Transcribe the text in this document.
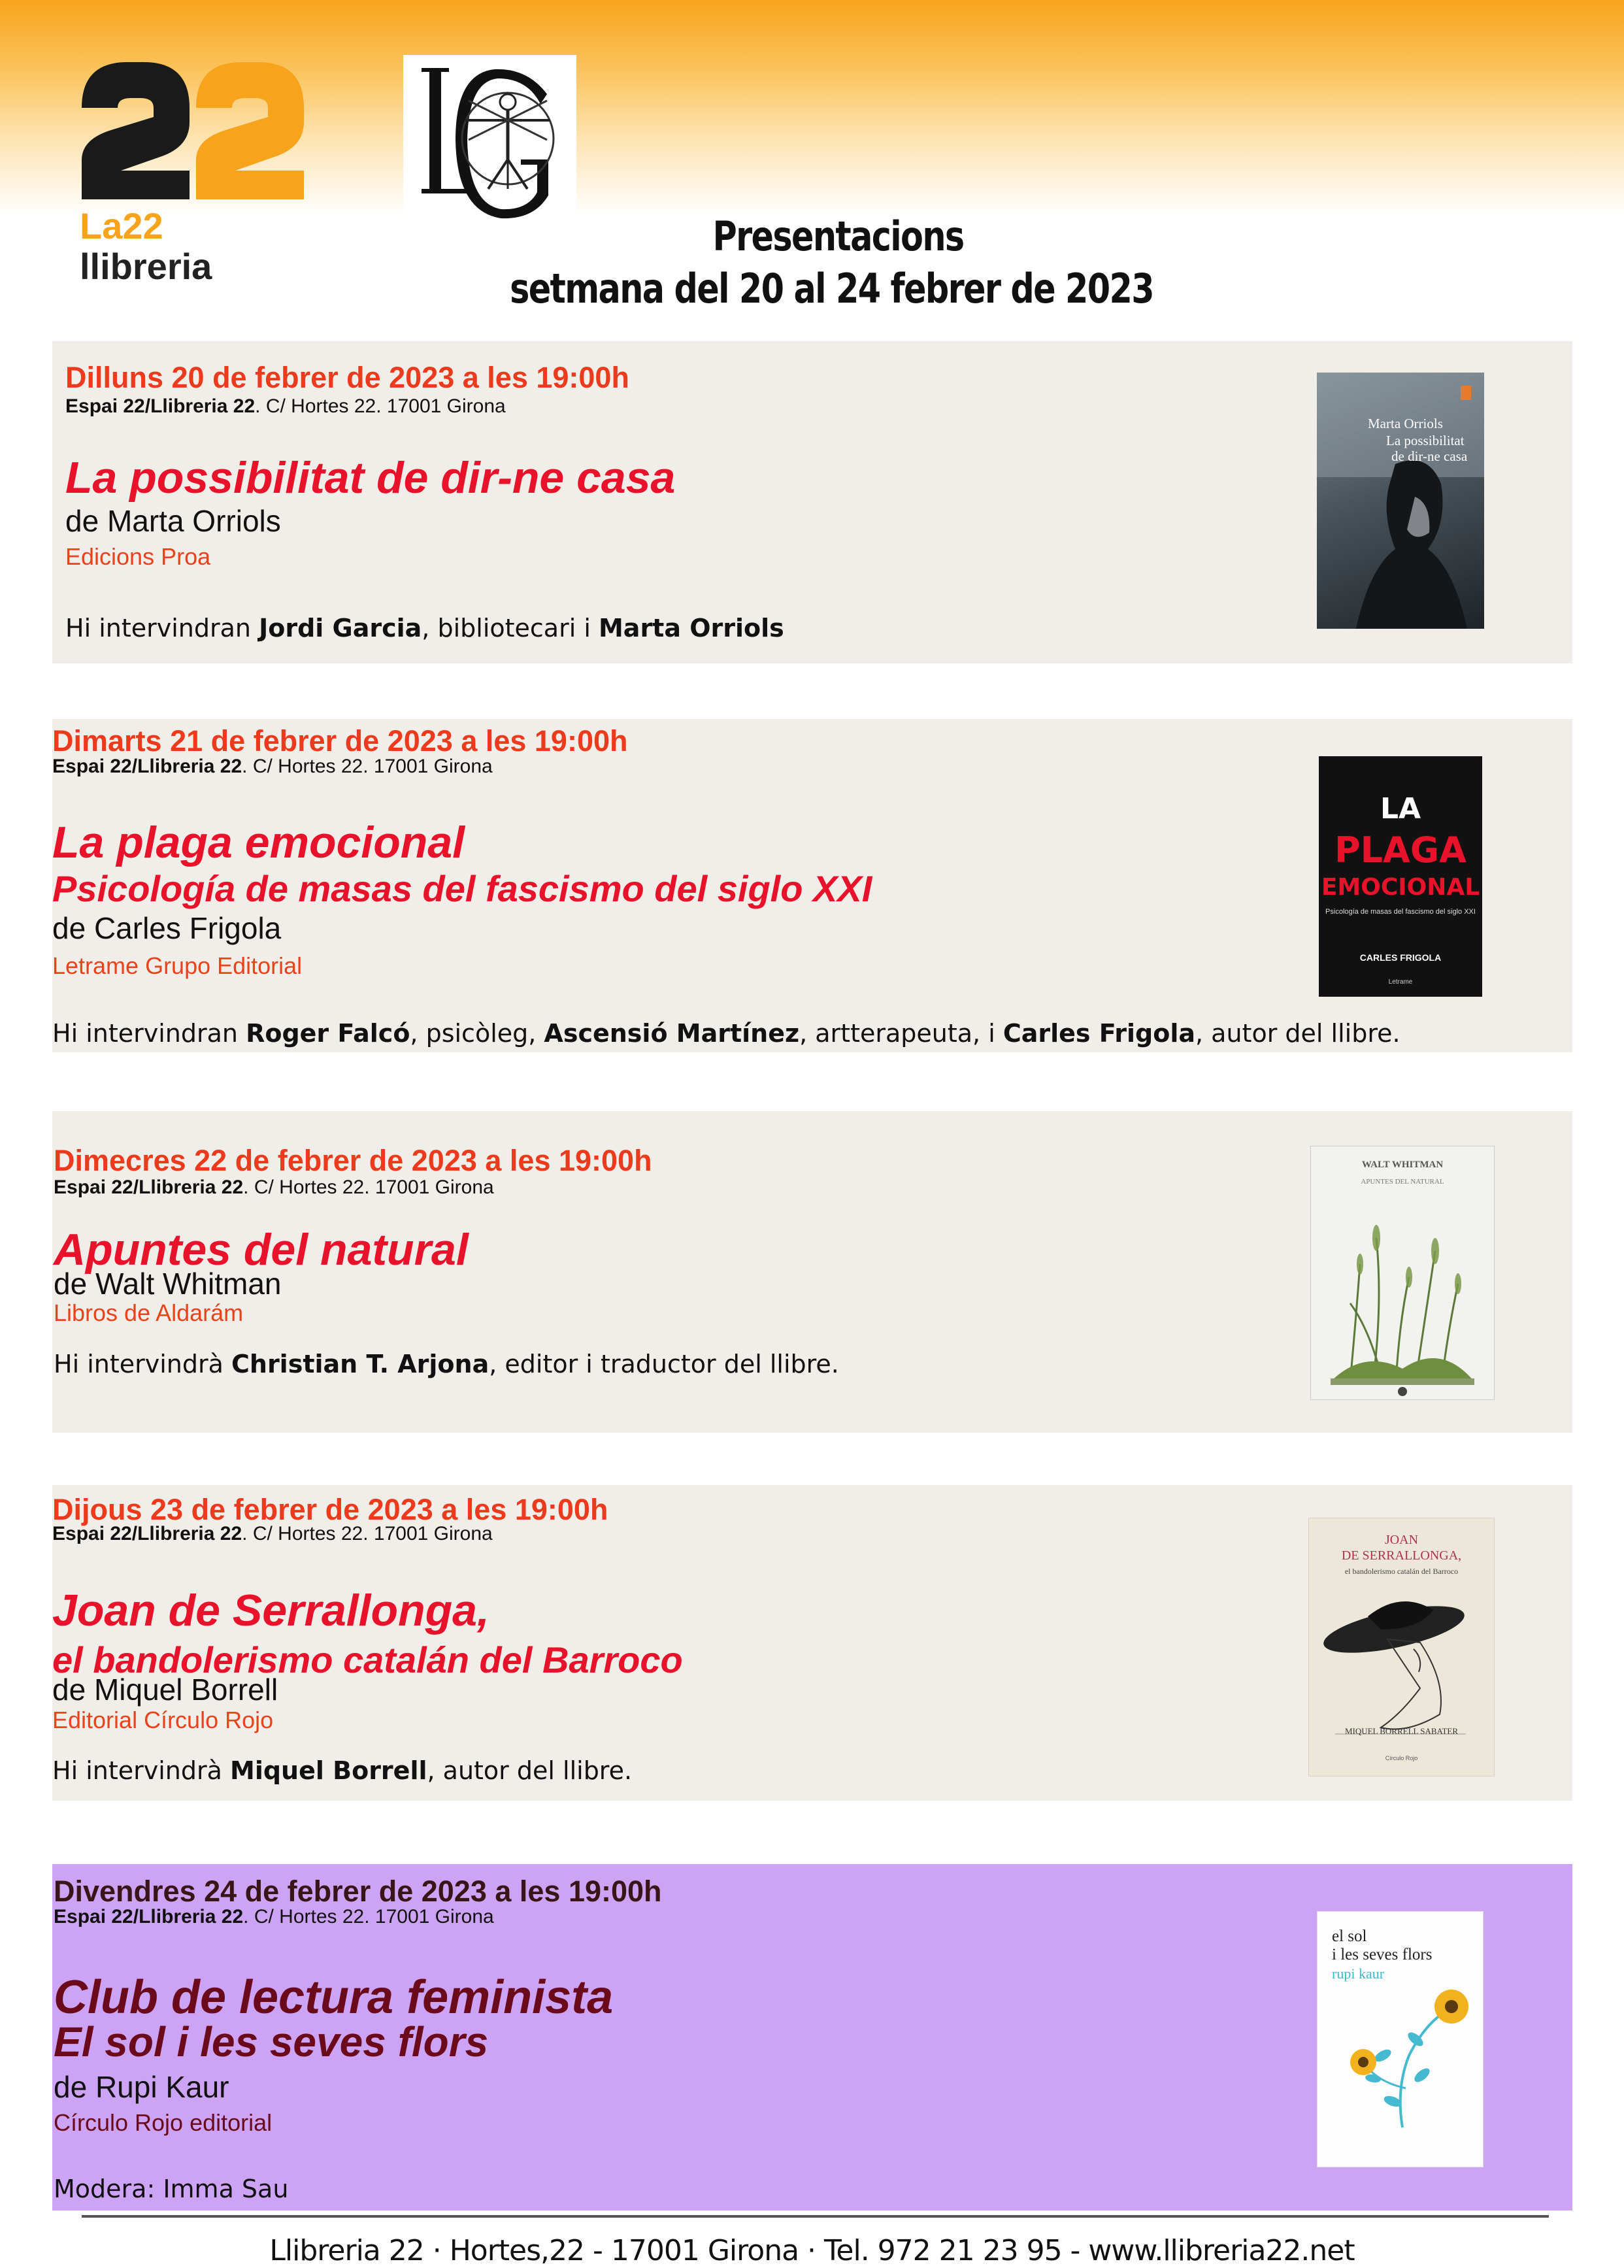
La22
llibreria
Presentacions
setmana del 20 al 24 febrer de 2023
Dilluns 20 de febrer de 2023 a les 19:00h
Espai 22/Llibreria 22. C/ Hortes 22. 17001 Girona
La possibilitat de dir-ne casa
de Marta Orriols
Edicions Proa
Hi intervindran Jordi Garcia, bibliotecari i Marta Orriols
Marta Orriols
La possibilitat
de dir-ne casa
Dimarts 21 de febrer de 2023 a les 19:00h
Espai 22/Llibreria 22. C/ Hortes 22. 17001 Girona
La plaga emocional
Psicología de masas del fascismo del siglo XXI
de Carles Frigola
Letrame Grupo Editorial
Hi intervindran Roger Falcó, psicòleg, Ascensió Martínez, artterapeuta, i Carles Frigola, autor del llibre.
LA
PLAGA
EMOCIONAL
Psicología de masas del fascismo del siglo XXI
CARLES FRIGOLA
Letrame
Dimecres 22 de febrer de 2023 a les 19:00h
Espai 22/Llibreria 22. C/ Hortes 22. 17001 Girona
Apuntes del natural
de Walt Whitman
Libros de Aldarám
Hi intervindrà Christian T. Arjona, editor i traductor del llibre.
WALT WHITMAN
APUNTES DEL NATURAL
Dijous 23 de febrer de 2023 a les 19:00h
Espai 22/Llibreria 22. C/ Hortes 22. 17001 Girona
Joan de Serrallonga,
el bandolerismo catalán del Barroco
de Miquel Borrell
Editorial Círculo Rojo
Hi intervindrà Miquel Borrell, autor del llibre.
JOAN
DE SERRALLONGA,
el bandolerismo catalán del Barroco
MIQUEL BORRELL SABATER
Círculo Rojo
Divendres 24 de febrer de 2023 a les 19:00h
Espai 22/Llibreria 22. C/ Hortes 22. 17001 Girona
Club de lectura feminista
El sol i les seves flors
de Rupi Kaur
Círculo Rojo editorial
Modera: Imma Sau
el sol
i les seves flors
rupi kaur
Llibreria 22 · Hortes,22 - 17001 Girona · Tel. 972 21 23 95 - www.llibreria22.net
